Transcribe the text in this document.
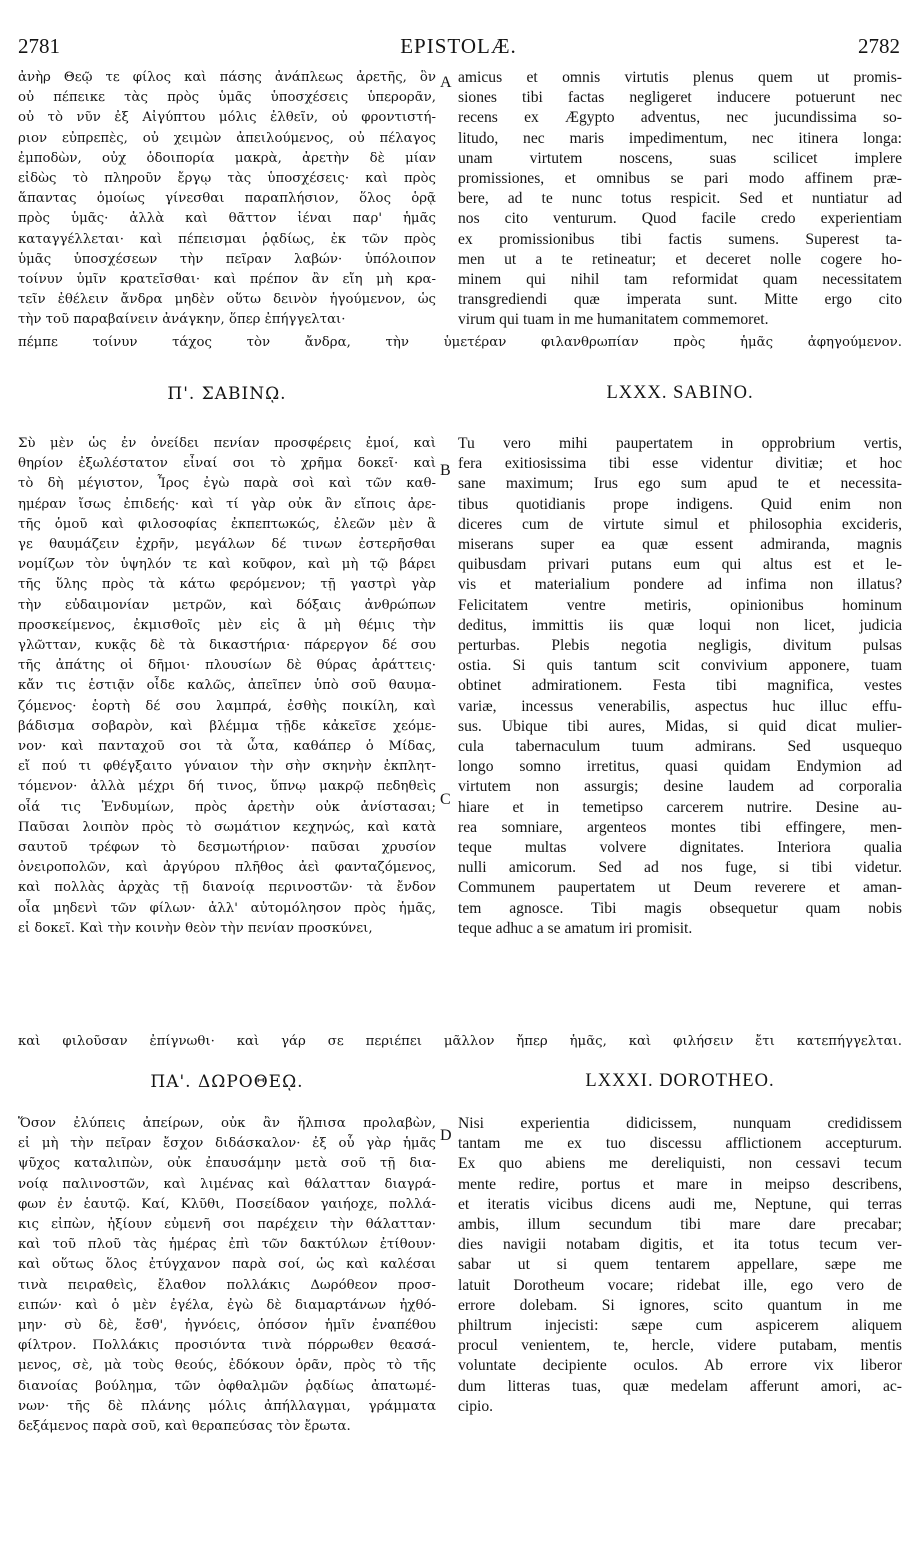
2781	EPISTOLÆ.	2782
A
B
C
D
ἀνὴρ Θεῷ τε φίλος καὶ πάσης ἀνάπλεως ἀρετῆς, ὃν
οὐ πέπεικε τὰς πρὸς ὑμᾶς ὑποσχέσεις ὑπερορᾶν,
οὐ τὸ νῦν ἐξ Αἰγύπτου μόλις ἐλθεῖν, οὐ φροντιστή-
ριον εὐπρεπὲς, οὐ χειμὼν ἀπειλούμενος, οὐ πέλαγος
ἐμποδὼν, οὐχ ὁδοιπορία μακρὰ, ἀρετὴν δὲ μίαν
εἰδὼς τὸ πληροῦν ἔργῳ τὰς ὑποσχέσεις· καὶ πρὸς
ἅπαντας ὁμοίως γίνεσθαι παραπλήσιον, ὅλος ὁρᾷ
πρὸς ὑμᾶς· ἀλλὰ καὶ θᾶττον ἰέναι παρ' ἡμᾶς
καταγγέλλεται· καὶ πέπεισμαι ῥᾳδίως, ἐκ τῶν πρὸς
ὑμᾶς ὑποσχέσεων τὴν πεῖραν λαβών· ὑπόλοιπον
τοίνυν ὑμῖν κρατεῖσθαι· καὶ πρέπον ἂν εἴη μὴ κρα-
τεῖν ἐθέλειν ἄνδρα μηδὲν οὕτω δεινὸν ἡγούμενον, ὡς
τὴν τοῦ παραβαίνειν ἀνάγκην, ὅπερ ἐπήγγελται·
amicus et omnis virtutis plenus quem ut promis-
siones tibi factas negligeret inducere potuerunt nec
recens ex Ægypto adventus, nec jucundissima so-
litudo, nec maris impedimentum, nec itinera longa:
unam virtutem noscens, suas scilicet implere
promissiones, et omnibus se pari modo affinem præ-
bere, ad te nunc totus respicit. Sed et nuntiatur ad
nos cito venturum. Quod facile credo experientiam
ex promissionibus tibi factis sumens. Superest ta-
men ut a te retineatur; et deceret nolle cogere ho-
minem qui nihil tam reformidat quam necessitatem
transgrediendi quæ imperata sunt. Mitte ergo cito
virum qui tuam in me humanitatem commemoret.
πέμπε τοίνυν τάχος τὸν ἄνδρα, τὴν ὑμετέραν φιλανθρωπίαν πρὸς ἡμᾶς ἀφηγούμενον.
Π'. ΣΑΒΙΝῼ.	LXXX. SABINO.
Σὺ μὲν ὡς ἐν ὀνείδει πενίαν προσφέρεις ἐμοί, καὶ
θηρίον ἐξωλέστατον εἶναί σοι τὸ χρῆμα δοκεῖ· καὶ
τὸ δὴ μέγιστον, Ἶρος ἐγὼ παρὰ σοὶ καὶ τῶν καθ-
ημέραν ἴσως ἐπιδεής· καὶ τί γὰρ οὐκ ἂν εἴποις ἀρε-
τῆς ὁμοῦ καὶ φιλοσοφίας ἐκπεπτωκώς, ἐλεῶν μὲν ἃ
γε θαυμάζειν ἐχρῆν, μεγάλων δέ τινων ἐστερῆσθαι
νομίζων τὸν ὑψηλόν τε καὶ κοῦφον, καὶ μὴ τῷ βάρει
τῆς ὕλης πρὸς τὰ κάτω φερόμενον; τῇ γαστρὶ γὰρ
τὴν εὐδαιμονίαν μετρῶν, καὶ δόξαις ἀνθρώπων
προσκείμενος, ἐκμισθοῖς μὲν εἰς ἃ μὴ θέμις τὴν
γλῶτταν, κυκᾷς δὲ τὰ δικαστήρια· πάρεργον δέ σου
τῆς ἀπάτης οἱ δῆμοι· πλουσίων δὲ θύρας ἀράττεις·
κἄν τις ἑστιᾷν οἶδε καλῶς, ἀπεῖπεν ὑπὸ σοῦ θαυμα-
ζόμενος· ἑορτὴ δέ σου λαμπρά, ἐσθὴς ποικίλη, καὶ
βάδισμα σοβαρὸν, καὶ βλέμμα τῇδε κἀκεῖσε χεόμε-
νον· καὶ πανταχοῦ σοι τὰ ὦτα, καθάπερ ὁ Μίδας,
εἴ πού τι φθέγξαιτο γύναιον τὴν σὴν σκηνὴν ἐκπλητ-
τόμενον· ἀλλὰ μέχρι δή τινος, ὕπνῳ μακρῷ πεδηθεὶς
οἷά τις Ἐνδυμίων, πρὸς ἀρετὴν οὐκ ἀνίστασαι;
Παῦσαι λοιπὸν πρὸς τὸ σωμάτιον κεχηνώς, καὶ κατὰ
σαυτοῦ τρέφων τὸ δεσμωτήριον· παῦσαι χρυσίον
ὀνειροπολῶν, καὶ ἀργύρου πλῆθος ἀεὶ φανταζόμενος,
καὶ πολλὰς ἀρχὰς τῇ διανοίᾳ περινοστῶν· τὰ ἔνδον
οἷα μηδενὶ τῶν φίλων· ἀλλ' αὐτομόλησον πρὸς ἡμᾶς,
εἰ δοκεῖ. Καὶ τὴν κοινὴν θεὸν τὴν πενίαν προσκύνει,
Tu vero mihi paupertatem in opprobrium vertis,
fera exitiosissima tibi esse videntur divitiæ; et hoc
sane maximum; Irus ego sum apud te et necessita-
tibus quotidianis prope indigens. Quid enim non
diceres cum de virtute simul et philosophia excideris,
miserans super ea quæ essent admiranda, magnis
quibusdam privari putans eum qui altus est et le-
vis et materialium pondere ad infima non illatus?
Felicitatem ventre metiris, opinionibus hominum
deditus, immittis iis quæ loqui non licet, judicia
perturbas. Plebis negotia negligis, divitum pulsas
ostia. Si quis tantum scit convivium apponere, tuam
obtinet admirationem. Festa tibi magnifica, vestes
variæ, incessus venerabilis, aspectus huc illuc effu-
sus. Ubique tibi aures, Midas, si quid dicat mulier-
cula tabernaculum tuum admirans. Sed usquequo
longo somno irretitus, quasi quidam Endymion ad
virtutem non assurgis; desine laudem ad corporalia
hiare et in temetipso carcerem nutrire. Desine au-
rea somniare, argenteos montes tibi effingere, men-
teque multas volvere dignitates. Interiora qualia
nulli amicorum. Sed ad nos fuge, si tibi videtur.
Communem paupertatem ut Deum reverere et aman-
tem agnosce. Tibi magis obsequetur quam nobis
teque adhuc a se amatum iri promisit.
καὶ φιλοῦσαν ἐπίγνωθι· καὶ γάρ σε περιέπει μᾶλλον ἤπερ ἡμᾶς, καὶ φιλήσειν ἔτι κατεπήγγελται.
ΠΑ'. ΔΩΡΟΘΕῼ.	LXXXI. DOROTHEO.
Ὅσον ἐλύπεις ἀπείρων, οὐκ ἂν ἤλπισα προλαβὼν,
εἰ μὴ τὴν πεῖραν ἔσχον διδάσκαλον· ἐξ οὗ γὰρ ἡμᾶς
ψῦχος καταλιπὼν, οὐκ ἐπαυσάμην μετὰ σοῦ τῇ δια-
νοίᾳ παλινοστῶν, καὶ λιμένας καὶ θάλατταν διαγρά-
φων ἐν ἑαυτῷ. Καί, Κλῦθι, Ποσείδαον γαιήοχε, πολλά-
κις εἰπὼν, ἠξίουν εὐμενῆ σοι παρέχειν τὴν θάλατταν·
καὶ τοῦ πλοῦ τὰς ἡμέρας ἐπὶ τῶν δακτύλων ἐτίθουν·
καὶ οὕτως ὅλος ἐτύγχανον παρὰ σοί, ὡς καὶ καλέσαι
τινὰ πειραθεὶς, ἔλαθον πολλάκις Δωρόθεον προσ-
ειπών· καὶ ὁ μὲν ἐγέλα, ἐγὼ δὲ διαμαρτάνων ἠχθό-
μην· σὺ δὲ, ἔσθ', ἠγνόεις, ὁπόσον ἡμῖν ἐναπέθου
φίλτρον. Πολλάκις προσιόντα τινὰ πόρρωθεν θεασά-
μενος, σὲ, μὰ τοὺς θεούς, ἐδόκουν ὁρᾶν, πρὸς τὸ τῆς
διανοίας βούλημα, τῶν ὀφθαλμῶν ῥᾳδίως ἀπατωμέ-
νων· τῆς δὲ πλάνης μόλις ἀπήλλαγμαι, γράμματα
δεξάμενος παρὰ σοῦ, καὶ θεραπεύσας τὸν ἔρωτα.
Nisi experientia didicissem, nunquam credidissem
tantam me ex tuo discessu afflictionem accepturum.
Ex quo abiens me dereliquisti, non cessavi tecum
mente redire, portus et mare in meipso describens,
et iteratis vicibus dicens audi me, Neptune, qui terras
ambis, illum secundum tibi mare dare precabar;
dies navigii notabam digitis, et ita totus tecum ver-
sabar ut si quem tentarem appellare, sæpe me
latuit Dorotheum vocare; ridebat ille, ego vero de
errore dolebam. Si ignores, scito quantum in me
philtrum injecisti: sæpe cum aspicerem aliquem
procul venientem, te, hercle, videre putabam, mentis
voluntate decipiente oculos. Ab errore vix liberor
dum litteras tuas, quæ medelam afferunt amori, ac-
cipio.
